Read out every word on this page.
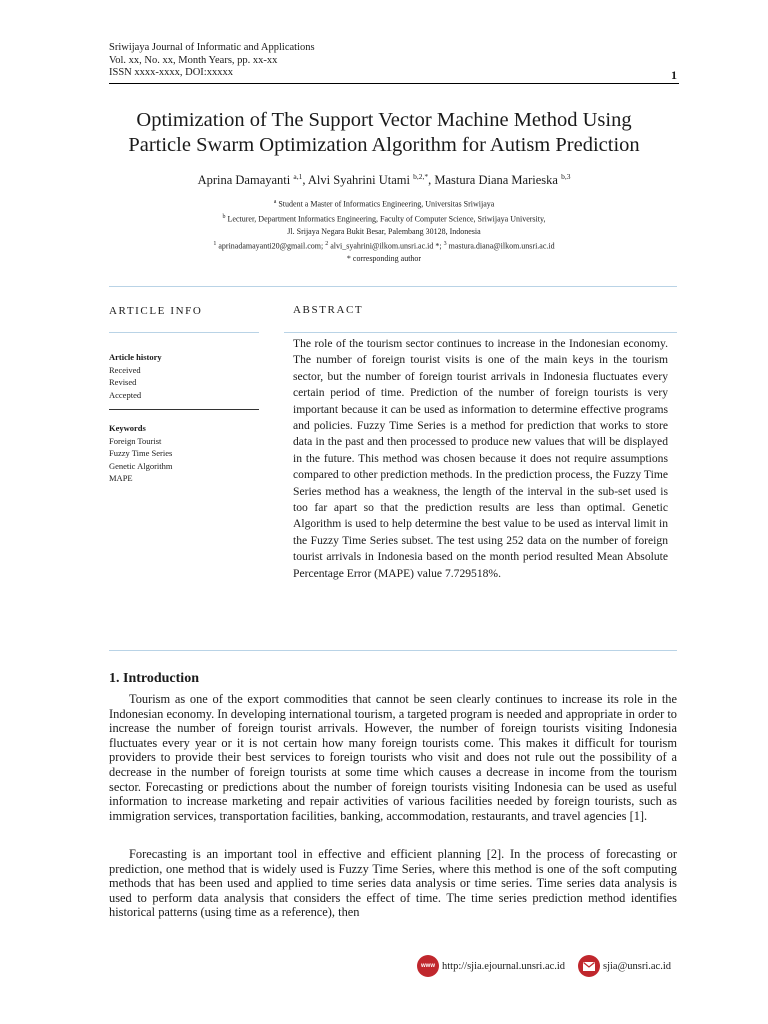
Sriwijaya Journal of Informatic and Applications
Vol. xx, No. xx, Month Years, pp. xx-xx
ISSN xxxx-xxxx, DOI:xxxxx	1
Optimization of The Support Vector Machine Method Using
Particle Swarm Optimization Algorithm for Autism Prediction
Aprina Damayanti $^{a,1}$, Alvi Syahrini Utami $^{b,2,*}$, Mastura Diana Marieska $^{b,3}$
$^a$ Student a Master of Informatics Engineering, Universitas Sriwijaya
$^b$ Lecturer, Department Informatics Engineering, Faculty of Computer Science, Sriwijaya University,
Jl. Srijaya Negara Bukit Besar, Palembang 30128, Indonesia
$^1$ aprinadamayanti20@gmail.com; $^2$ alvi_syahrini@ilkom.unsri.ac.id *; $^3$ mastura.diana@ilkom.unsri.ac.id
* corresponding author
ARTICLE INFO	ABSTRACT
Article history
Received
Revised
Accepted
Keywords
Foreign Tourist
Fuzzy Time Series
Genetic Algorithm
MAPE
The role of the tourism sector continues to increase in the Indonesian economy. The number of foreign tourist visits is one of the main keys in the tourism sector, but the number of foreign tourist arrivals in Indonesia fluctuates every certain period of time. Prediction of the number of foreign tourists is very important because it can be used as information to determine effective programs and policies. Fuzzy Time Series is a method for prediction that works to store data in the past and then processed to produce new values that will be displayed in the future. This method was chosen because it does not require assumptions compared to other prediction methods. In the prediction process, the Fuzzy Time Series method has a weakness, the length of the interval in the sub-set used is too far apart so that the prediction results are less than optimal. Genetic Algorithm is used to help determine the best value to be used as interval limit in the Fuzzy Time Series subset. The test using 252 data on the number of foreign tourist arrivals in Indonesia based on the month period resulted Mean Absolute Percentage Error (MAPE) value 7.729518%.
1. Introduction

Tourism as one of the export commodities that cannot be seen clearly continues to increase its role in the Indonesian economy. In developing international tourism, a targeted program is needed and appropriate in order to increase the number of foreign tourist arrivals. However, the number of foreign tourists visiting Indonesia fluctuates every year or it is not certain how many foreign tourists come. This makes it difficult for tourism providers to provide their best services to foreign tourists who visit and does not rule out the possibility of a decrease in the number of foreign tourists at some time which causes a decrease in income from the tourism sector. Forecasting or predictions about the number of foreign tourists visiting Indonesia can be used as useful information to increase marketing and repair activities of various facilities needed by foreign tourists, such as immigration services, transportation facilities, banking, accommodation, restaurants, and travel agencies [1].

Forecasting is an important tool in effective and efficient planning [2]. In the process of forecasting or prediction, one method that is widely used is Fuzzy Time Series, where this method is one of the soft computing methods that has been used and applied to time series data analysis or time series. Time series data analysis is used to perform data analysis that considers the effect of time. The time series prediction method identifies historical patterns (using time as a reference), then

www http://sjia.ejournal.unsri.ac.id	sjia@unsri.ac.id
